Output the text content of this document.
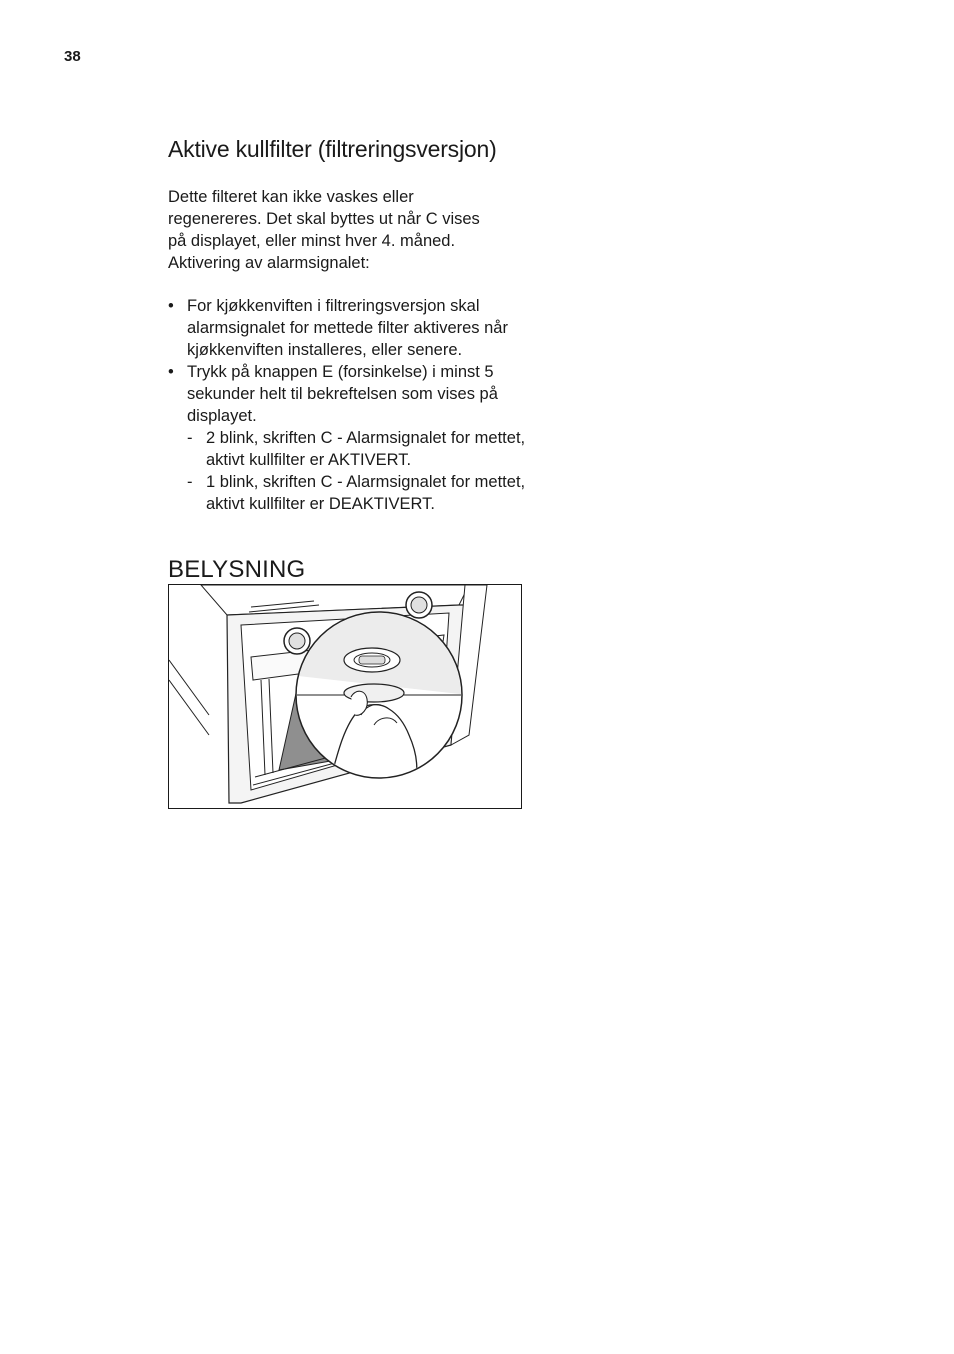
38
Aktive kullfilter (filtreringsversjon)

Dette filteret kan ikke vaskes eller
regenereres. Det skal byttes ut når C vises
på displayet, eller minst hver 4. måned.
Aktivering av alarmsignalet:

• For kjøkkenviften i filtreringsversjon skal alarmsignalet for mettede filter aktiveres når kjøkkenviften installeres, eller senere.
• Trykk på knappen E (forsinkelse) i minst 5 sekunder helt til bekreftelsen som vises på displayet.
- 2 blink, skriften C - Alarmsignalet for mettet, aktivt kullfilter er AKTIVERT.
- 1 blink, skriften C - Alarmsignalet for mettet, aktivt kullfilter er DEAKTIVERT.
BELYSNING
